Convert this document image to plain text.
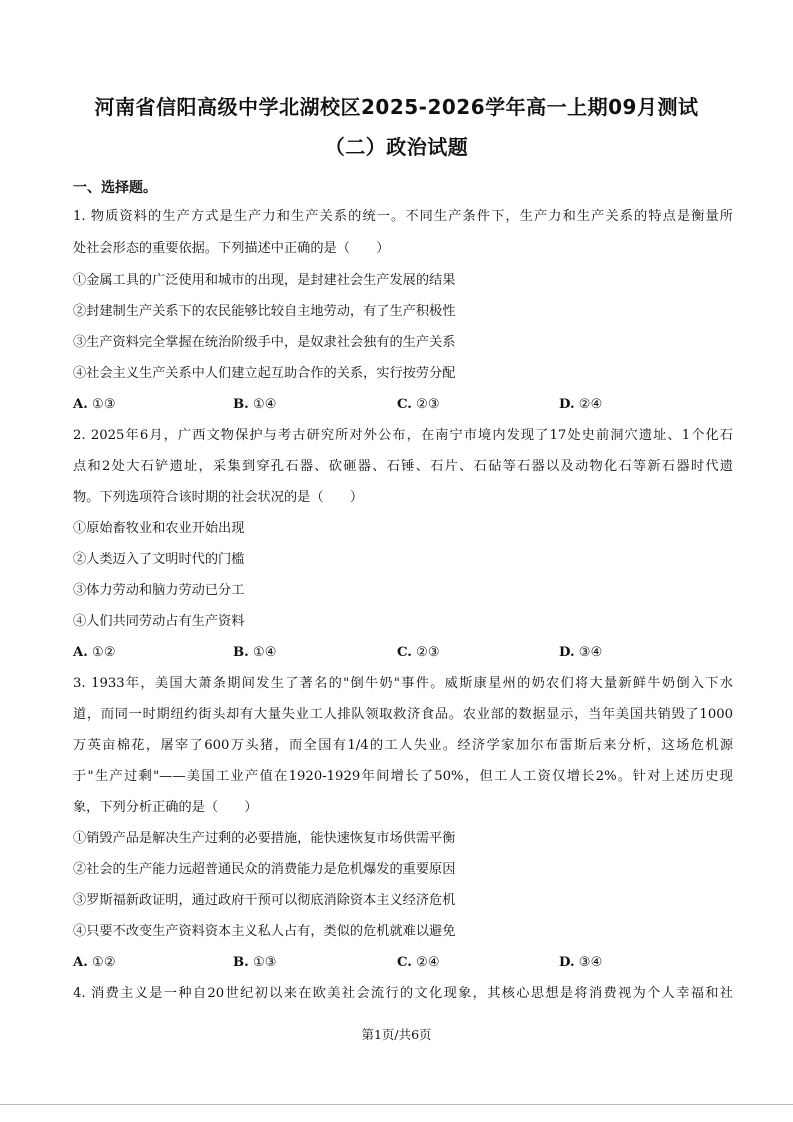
河南省信阳高级中学北湖校区2025-2026学年高一上期09月测试
（二）政治试题
一、选择题。
1. 物质资料的生产方式是生产力和生产关系的统一。不同生产条件下，生产力和生产关系的特点是衡量所
处社会形态的重要依据。下列描述中正确的是（　　）
①金属工具的广泛使用和城市的出现，是封建社会生产发展的结果
②封建制生产关系下的农民能够比较自主地劳动，有了生产积极性
③生产资料完全掌握在统治阶级手中，是奴隶社会独有的生产关系
④社会主义生产关系中人们建立起互助合作的关系，实行按劳分配
A. ①③	B. ①④	C. ②③	D. ②④
2. 2025年6月，广西文物保护与考古研究所对外公布，在南宁市境内发现了17处史前洞穴遗址、1个化石
点和2处大石铲遗址，采集到穿孔石器、砍砸器、石锤、石片、石砧等石器以及动物化石等新石器时代遗
物。下列选项符合该时期的社会状况的是（　　）
①原始畜牧业和农业开始出现
②人类迈入了文明时代的门槛
③体力劳动和脑力劳动已分工
④人们共同劳动占有生产资料
A. ①②	B. ①④	C. ②③	D. ③④
3. 1933年，美国大萧条期间发生了著名的"倒牛奶"事件。威斯康星州的奶农们将大量新鲜牛奶倒入下水
道，而同一时期纽约街头却有大量失业工人排队领取救济食品。农业部的数据显示，当年美国共销毁了1000
万英亩棉花，屠宰了600万头猪，而全国有1/4的工人失业。经济学家加尔布雷斯后来分析，这场危机源
于"生产过剩"——美国工业产值在1920-1929年间增长了50%，但工人工资仅增长2%。针对上述历史现
象，下列分析正确的是（　　）
①销毁产品是解决生产过剩的必要措施，能快速恢复市场供需平衡
②社会的生产能力远超普通民众的消费能力是危机爆发的重要原因
③罗斯福新政证明，通过政府干预可以彻底消除资本主义经济危机
④只要不改变生产资料资本主义私人占有，类似的危机就难以避免
A. ①②	B. ①③	C. ②④	D. ③④
4. 消费主义是一种自20世纪初以来在欧美社会流行的文化现象，其核心思想是将消费视为个人幸福和社
第1页/共6页
